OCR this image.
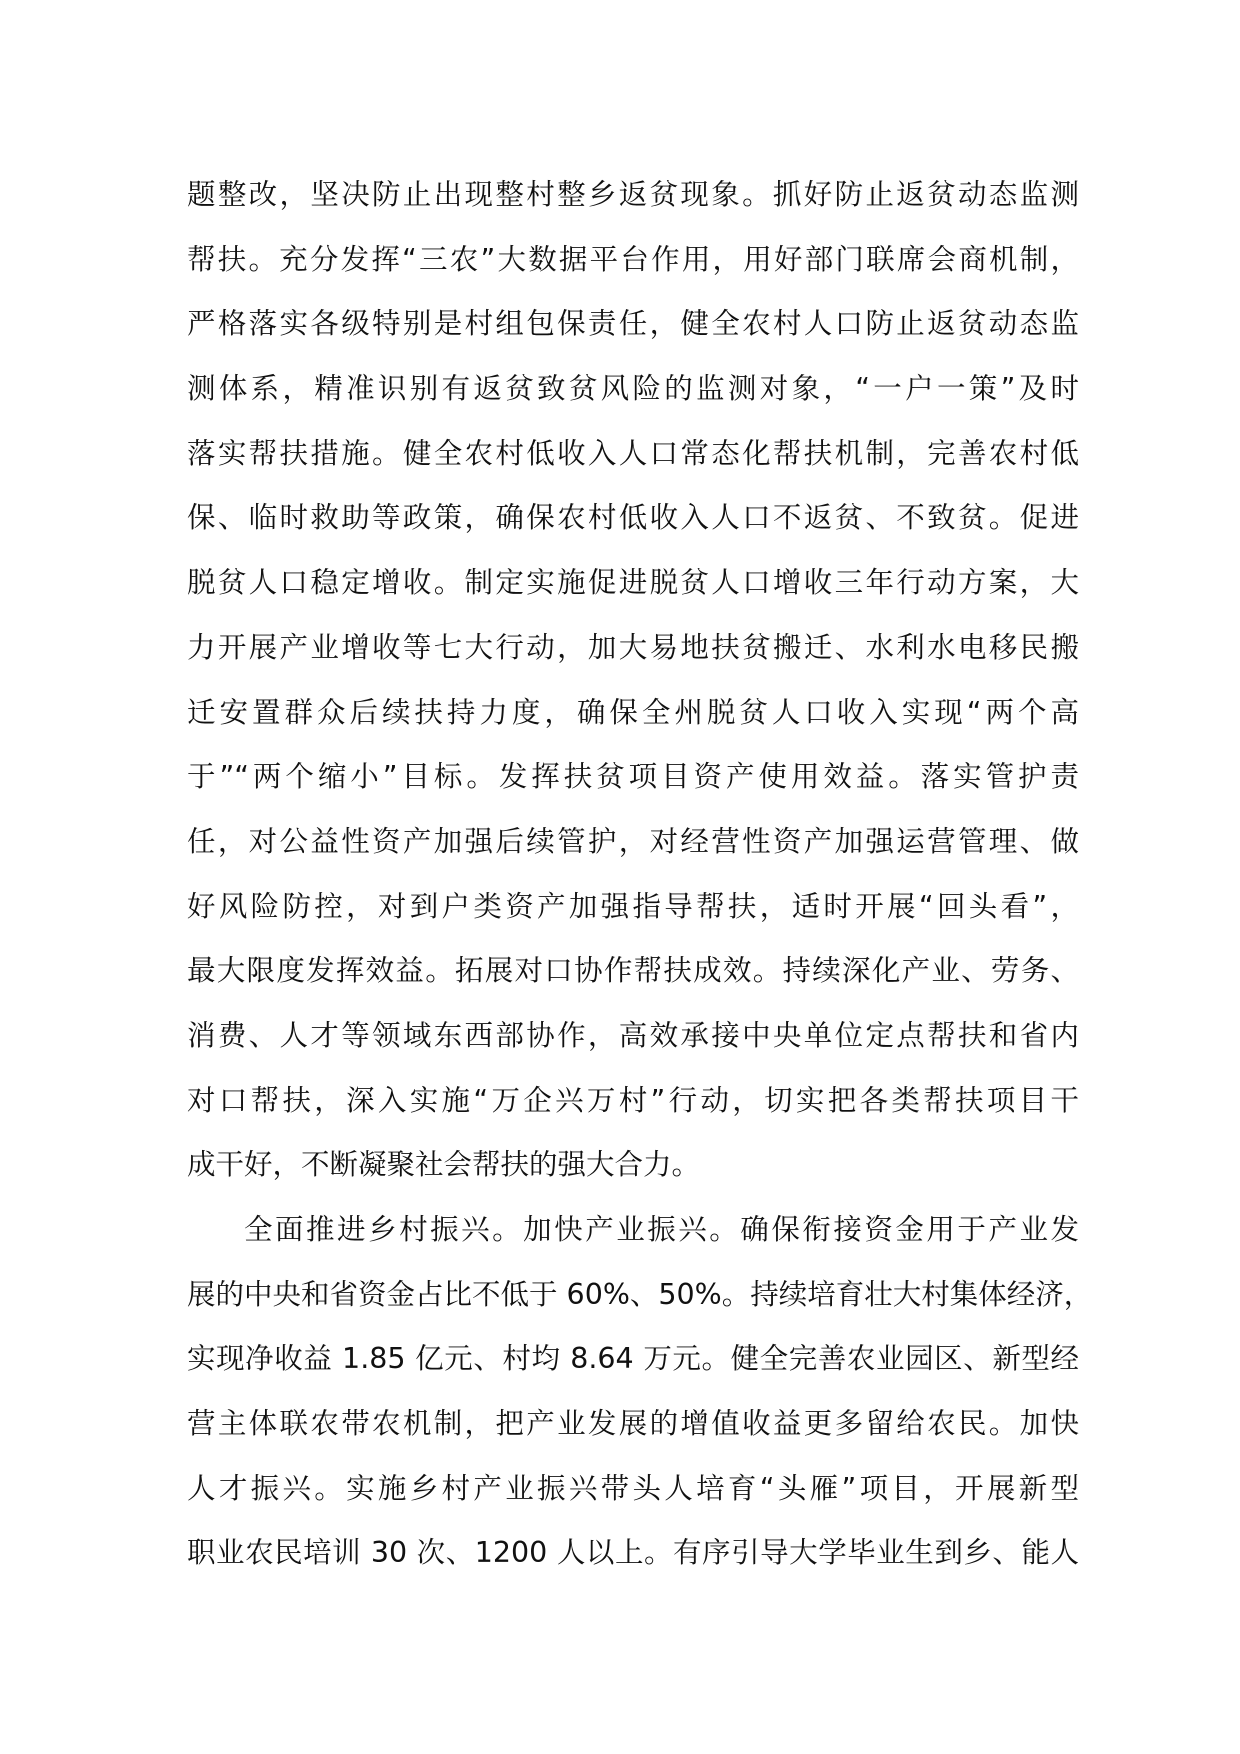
题整改，坚决防止出现整村整乡返贫现象。抓好防止返贫动态监测
帮扶。充分发挥“三农”大数据平台作用，用好部门联席会商机制，
严格落实各级特别是村组包保责任，健全农村人口防止返贫动态监
测体系，精准识别有返贫致贫风险的监测对象，“一户一策”及时
落实帮扶措施。健全农村低收入人口常态化帮扶机制，完善农村低
保、临时救助等政策，确保农村低收入人口不返贫、不致贫。促进
脱贫人口稳定增收。制定实施促进脱贫人口增收三年行动方案，大
力开展产业增收等七大行动，加大易地扶贫搬迁、水利水电移民搬
迁安置群众后续扶持力度，确保全州脱贫人口收入实现“两个高
于”“两个缩小”目标。发挥扶贫项目资产使用效益。落实管护责
任，对公益性资产加强后续管护，对经营性资产加强运营管理、做
好风险防控，对到户类资产加强指导帮扶，适时开展“回头看”，
最大限度发挥效益。拓展对口协作帮扶成效。持续深化产业、劳务、
消费、人才等领域东西部协作，高效承接中央单位定点帮扶和省内
对口帮扶，深入实施“万企兴万村”行动，切实把各类帮扶项目干
成干好，不断凝聚社会帮扶的强大合力。
全面推进乡村振兴。加快产业振兴。确保衔接资金用于产业发
展的中央和省资金占比不低于 60%、50%。持续培育壮大村集体经济，
实现净收益 1.85 亿元、村均 8.64 万元。健全完善农业园区、新型经
营主体联农带农机制，把产业发展的增值收益更多留给农民。加快
人才振兴。实施乡村产业振兴带头人培育“头雁”项目，开展新型
职业农民培训 30 次、1200 人以上。有序引导大学毕业生到乡、能人
